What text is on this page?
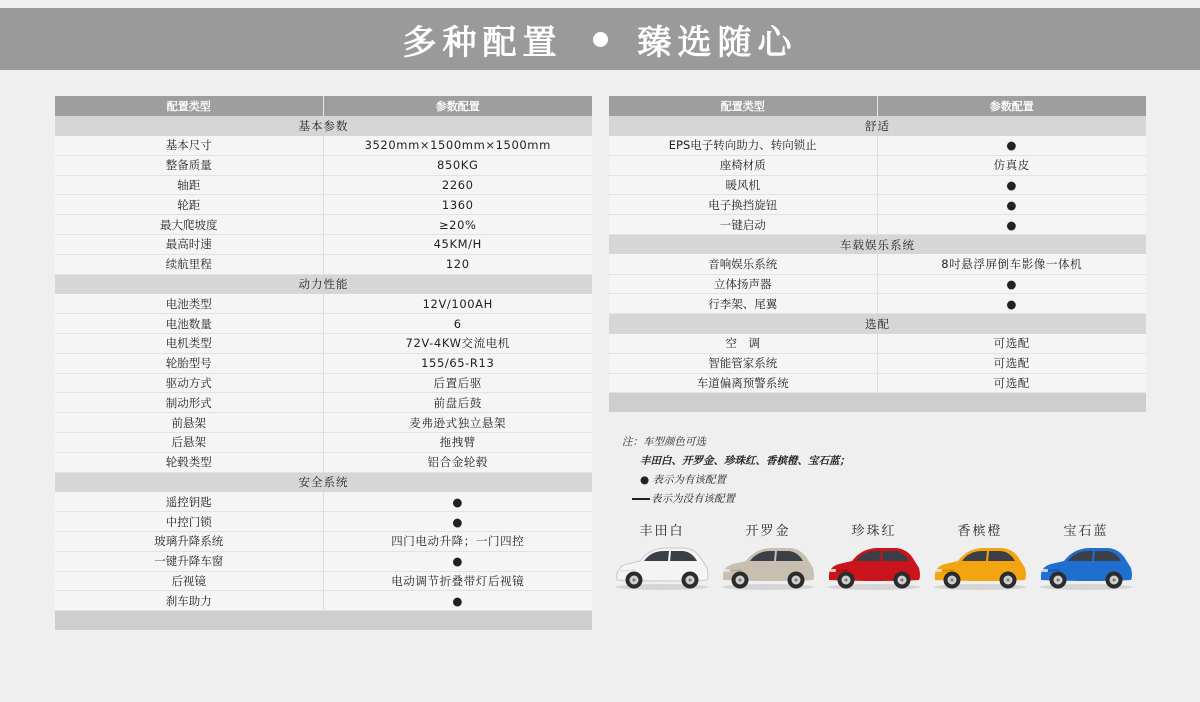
多种配置 臻选随心
配置类型	参数配置
基本参数	
基本尺寸	3520mm×1500mm×1500mm
整备质量	850KG
轴距	2260
轮距	1360
最大爬坡度	≥20%
最高时速	45KM/H
续航里程	120
动力性能	
电池类型	12V/100AH
电池数量	6
电机类型	72V-4KW交流电机
轮胎型号	155/65-R13
驱动方式	后置后驱
制动形式	前盘后鼓
前悬架	麦弗逊式独立悬架
后悬架	拖拽臂
轮毂类型	铝合金轮毂
安全系统	
遥控钥匙	●
中控门锁	●
玻璃升降系统	四门电动升降；一门四控
一键升降车窗	●
后视镜	电动调节折叠带灯后视镜
刹车助力	●

配置类型	参数配置
舒适	
EPS电子转向助力、转向锁止	●
座椅材质	仿真皮
暖风机	●
电子换挡旋钮	●
一键启动	●
车载娱乐系统	
音响娱乐系统	8吋悬浮屏倒车影像一体机
立体扬声器	●
行李架、尾翼	●
选配	
空　调	可选配
智能管家系统	可选配
车道偏离预警系统	可选配

注：车型颜色可选
丰田白、开罗金、珍珠红、香槟橙、宝石蓝；
● 表示为有该配置
表示为没有该配置
丰田白	开罗金	珍珠红	香槟橙	宝石蓝
